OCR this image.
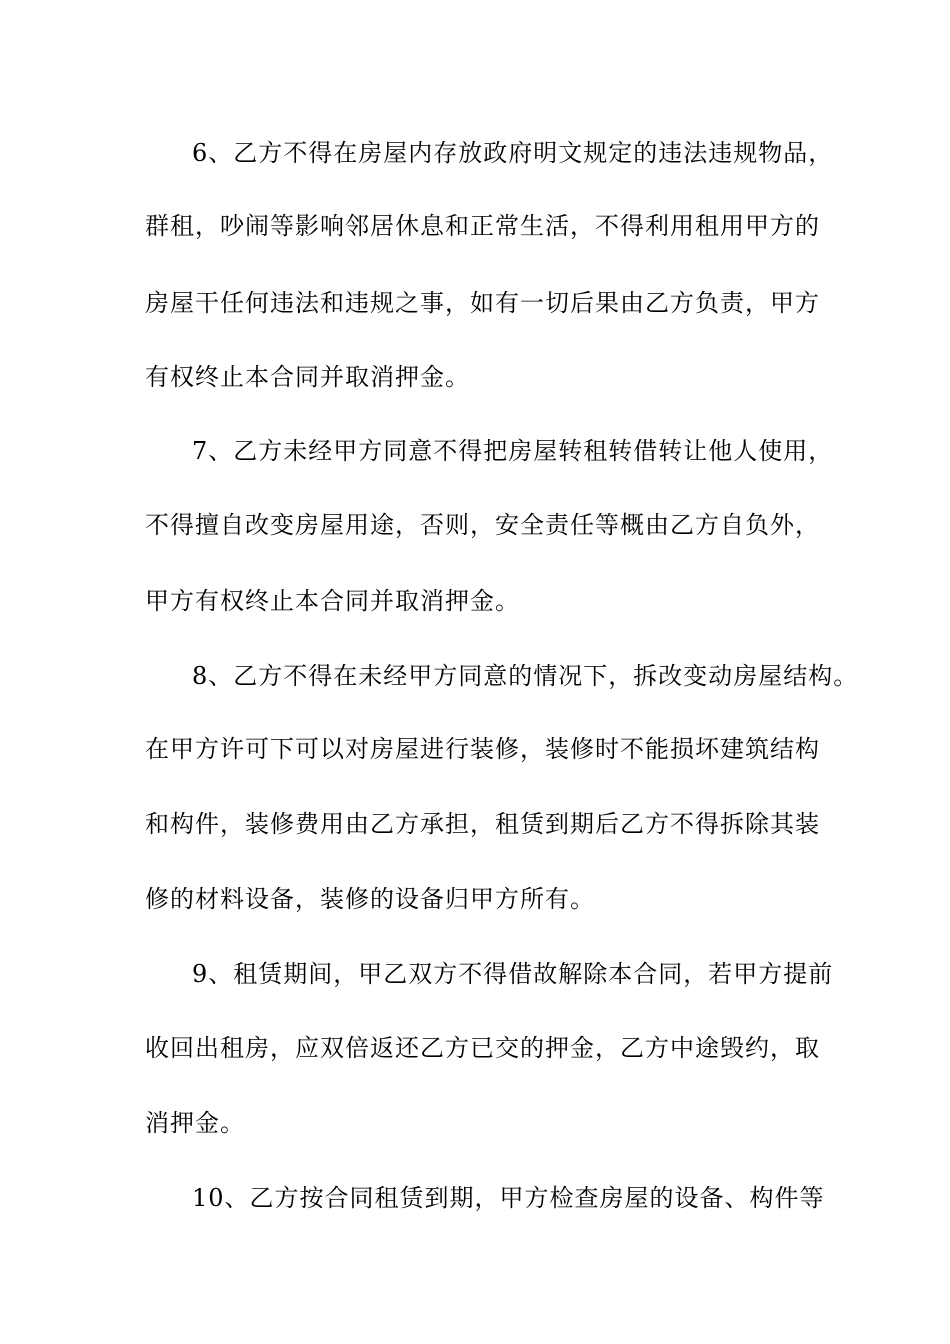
6、乙方不得在房屋内存放政府明文规定的违法违规物品，
群租，吵闹等影响邻居休息和正常生活，不得利用租用甲方的
房屋干任何违法和违规之事，如有一切后果由乙方负责，甲方
有权终止本合同并取消押金。
7、乙方未经甲方同意不得把房屋转租转借转让他人使用，
不得擅自改变房屋用途，否则，安全责任等概由乙方自负外，
甲方有权终止本合同并取消押金。
8、乙方不得在未经甲方同意的情况下，拆改变动房屋结构。
在甲方许可下可以对房屋进行装修，装修时不能损坏建筑结构
和构件，装修费用由乙方承担，租赁到期后乙方不得拆除其装
修的材料设备，装修的设备归甲方所有。
9、租赁期间，甲乙双方不得借故解除本合同，若甲方提前
收回出租房，应双倍返还乙方已交的押金，乙方中途毁约，取
消押金。
10、乙方按合同租赁到期，甲方检查房屋的设备、构件等
